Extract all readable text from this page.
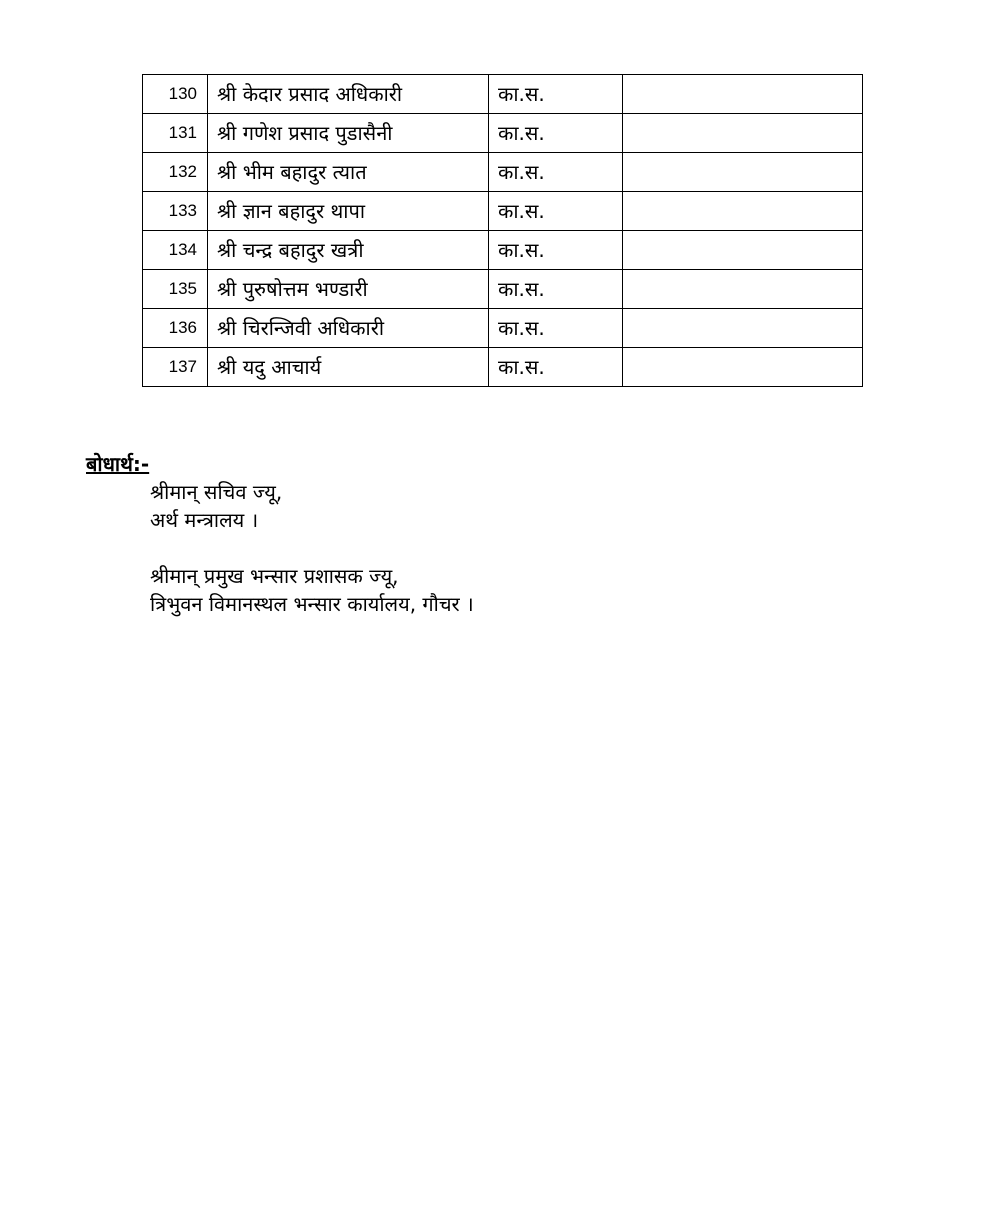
130	श्री केदार प्रसाद अधिकारी	का.स.	
131	श्री गणेश प्रसाद पुडासैनी	का.स.	
132	श्री भीम बहादुर त्यात	का.स.	
133	श्री ज्ञान बहादुर थापा	का.स.	
134	श्री चन्द्र बहादुर खत्री	का.स.	
135	श्री पुरुषोत्तम भण्डारी	का.स.	
136	श्री चिरन्जिवी अधिकारी	का.स.	
137	श्री यदु आचार्य	का.स.	

बोधार्थ:-

श्रीमान् सचिव ज्यू,
अर्थ मन्त्रालय ।
श्रीमान् प्रमुख भन्सार प्रशासक ज्यू,
त्रिभुवन विमानस्थल भन्सार कार्यालय, गौचर ।
